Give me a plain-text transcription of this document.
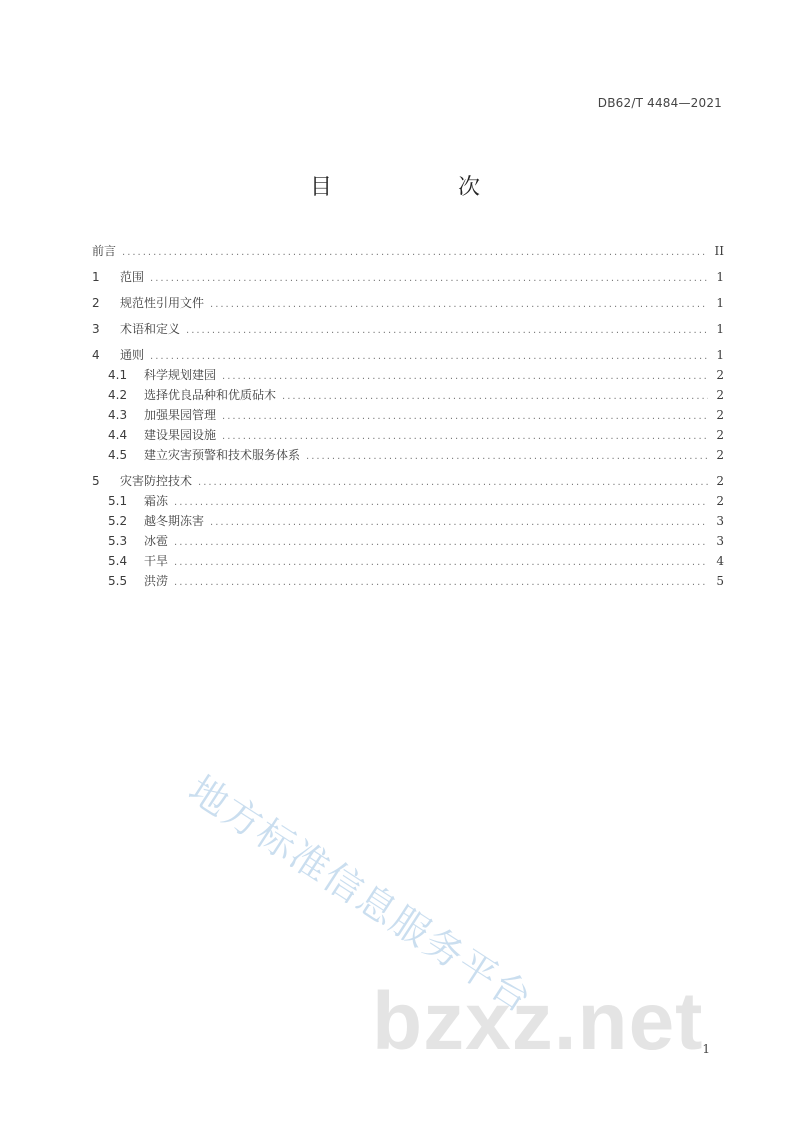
DB62/T 4484—2021
目　次
前言 .....	II
1	范围 .....	1
2	规范性引用文件 .....	1
3	术语和定义 .....	1
4	通则 .....	1
4.1	科学规划建园 .....	2
4.2	选择优良品种和优质砧木 .....	2
4.3	加强果园管理 .....	2
4.4	建设果园设施 .....	2
4.5	建立灾害预警和技术服务体系 .....	2
5	灾害防控技术 .....	2
5.1	霜冻 .....	2
5.2	越冬期冻害 .....	3
5.3	冰雹 .....	3
5.4	干旱 .....	4
5.5	洪涝 .....	5
地方标准信息服务平台
bzxz.net
1
